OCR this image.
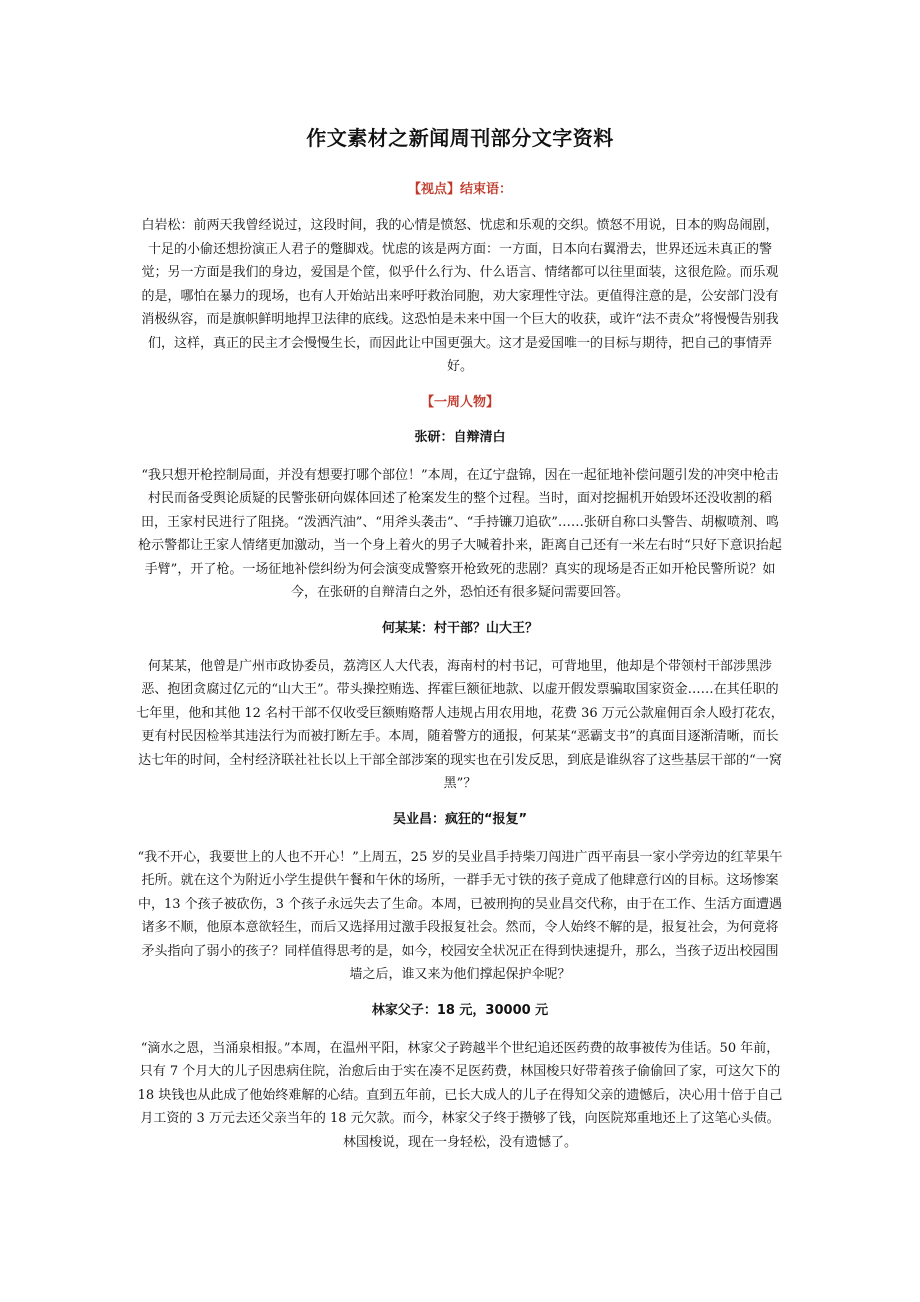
作文素材之新闻周刊部分文字资料

【视点】结束语：

白岩松：前两天我曾经说过，这段时间，我的心情是愤怒、忧虑和乐观的交织。愤怒不用说，日本的购岛闹剧，十足的小偷还想扮演正人君子的蹩脚戏。忧虑的该是两方面：一方面，日本向右翼滑去，世界还远未真正的警觉；另一方面是我们的身边，爱国是个筐，似乎什么行为、什么语言、情绪都可以往里面装，这很危险。而乐观的是，哪怕在暴力的现场，也有人开始站出来呼吁救治同胞，劝大家理性守法。更值得注意的是，公安部门没有消极纵容，而是旗帜鲜明地捍卫法律的底线。这恐怕是未来中国一个巨大的收获，或许“法不责众”将慢慢告别我们，这样，真正的民主才会慢慢生长，而因此让中国更强大。这才是爱国唯一的目标与期待，把自己的事情弄好。

【一周人物】

张研：自辩清白

“我只想开枪控制局面，并没有想要打哪个部位！”本周，在辽宁盘锦，因在一起征地补偿问题引发的冲突中枪击村民而备受舆论质疑的民警张研向媒体回述了枪案发生的整个过程。当时，面对挖掘机开始毁坏还没收割的稻田，王家村民进行了阻挠。“泼洒汽油”、“用斧头袭击”、“手持镰刀追砍”……张研自称口头警告、胡椒喷剂、鸣枪示警都让王家人情绪更加激动，当一个身上着火的男子大喊着扑来，距离自己还有一米左右时“只好下意识抬起手臂”，开了枪。一场征地补偿纠纷为何会演变成警察开枪致死的悲剧？真实的现场是否正如开枪民警所说？如今，在张研的自辩清白之外，恐怕还有很多疑问需要回答。

何某某：村干部？山大王？

何某某，他曾是广州市政协委员，荔湾区人大代表，海南村的村书记，可背地里，他却是个带领村干部涉黑涉恶、抱团贪腐过亿元的“山大王”。带头操控贿选、挥霍巨额征地款、以虚开假发票骗取国家资金……在其任职的七年里，他和其他 12 名村干部不仅收受巨额贿赂帮人违规占用农用地，花费 36 万元公款雇佣百余人殴打花农，更有村民因检举其违法行为而被打断左手。本周，随着警方的通报，何某某“恶霸支书”的真面目逐渐清晰，而长达七年的时间，全村经济联社社长以上干部全部涉案的现实也在引发反思，到底是谁纵容了这些基层干部的“一窝黑”？

吴业昌：疯狂的“报复”

“我不开心，我要世上的人也不开心！”上周五，25 岁的吴业昌手持柴刀闯进广西平南县一家小学旁边的红苹果午托所。就在这个为附近小学生提供午餐和午休的场所，一群手无寸铁的孩子竟成了他肆意行凶的目标。这场惨案中，13 个孩子被砍伤，3 个孩子永远失去了生命。本周，已被刑拘的吴业昌交代称，由于在工作、生活方面遭遇诸多不顺，他原本意欲轻生，而后又选择用过激手段报复社会。然而，令人始终不解的是，报复社会，为何竟将矛头指向了弱小的孩子？同样值得思考的是，如今，校园安全状况正在得到快速提升，那么，当孩子迈出校园围墙之后，谁又来为他们撑起保护伞呢？

林家父子：18 元，30000 元

“滴水之恩，当涌泉相报。”本周，在温州平阳，林家父子跨越半个世纪追还医药费的故事被传为佳话。50 年前，只有 7 个月大的儿子因患病住院，治愈后由于实在凑不足医药费，林国梭只好带着孩子偷偷回了家，可这欠下的 18 块钱也从此成了他始终难解的心结。直到五年前，已长大成人的儿子在得知父亲的遗憾后，决心用十倍于自己月工资的 3 万元去还父亲当年的 18 元欠款。而今，林家父子终于攒够了钱，向医院郑重地还上了这笔心头债。林国梭说，现在一身轻松，没有遗憾了。
